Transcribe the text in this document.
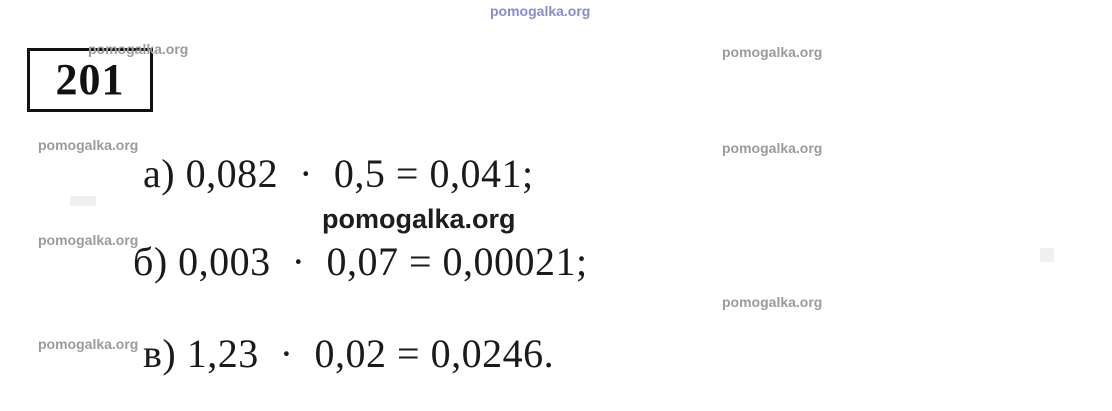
201
а) 0,082  ·  0,5 = 0,041;
б) 0,003  ·  0,07 = 0,00021;
в) 1,23  ·  0,02 = 0,0246.
pomogalka.org
pomogalka.org	pomogalka.org
pomogalka.org	pomogalka.org
pomogalka.org
pomogalka.org
pomogalka.org
pomogalka.org
